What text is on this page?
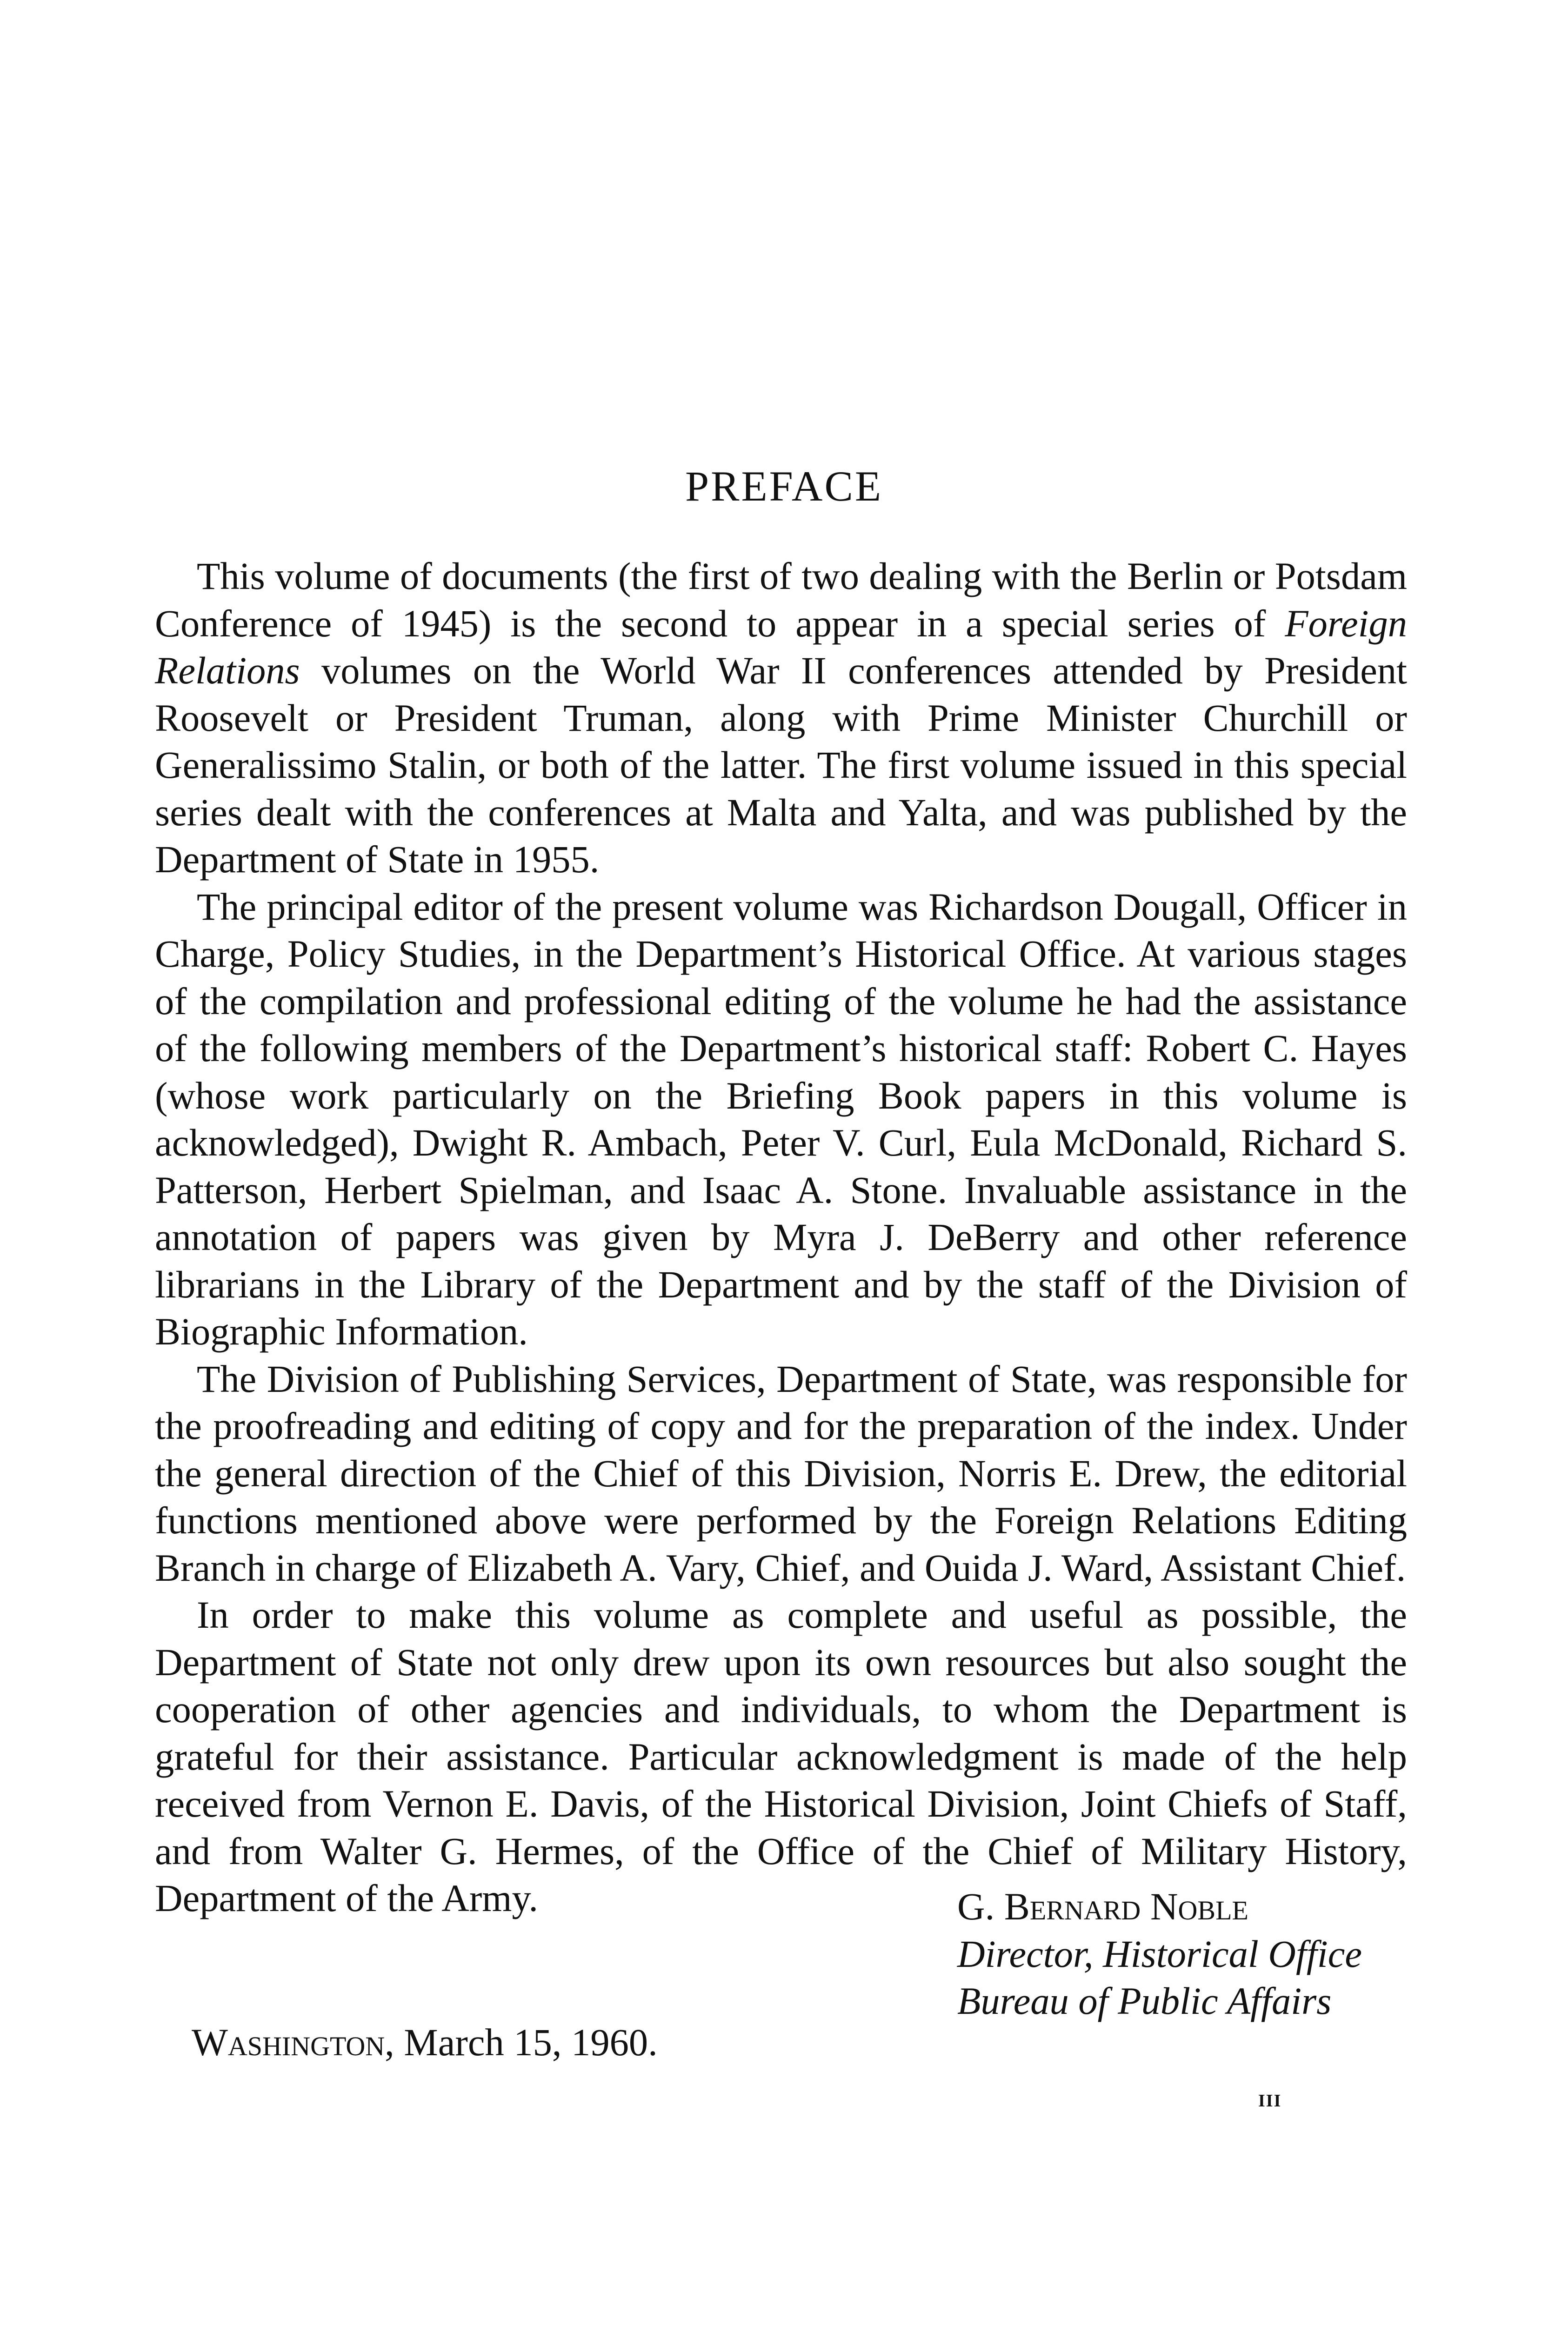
PREFACE

This volume of documents (the first of two dealing with the Berlin or Potsdam Conference of 1945) is the second to appear in a special series of Foreign Relations volumes on the World War II conferences attended by President Roosevelt or President Truman, along with Prime Minister Churchill or Generalissimo Stalin, or both of the latter. The first volume issued in this special series dealt with the conferences at Malta and Yalta, and was published by the Department of State in 1955.

The principal editor of the present volume was Richardson Dougall, Officer in Charge, Policy Studies, in the Department’s Historical Office. At various stages of the compilation and professional editing of the volume he had the assistance of the following members of the Department’s historical staff: Robert C. Hayes (whose work particularly on the Briefing Book papers in this volume is acknowledged), Dwight R. Ambach, Peter V. Curl, Eula McDonald, Richard S. Patterson, Herbert Spielman, and Isaac A. Stone. Invaluable assistance in the annotation of papers was given by Myra J. DeBerry and other reference librarians in the Library of the Department and by the staff of the Division of Biographic Information.

The Division of Publishing Services, Department of State, was responsible for the proofreading and editing of copy and for the preparation of the index. Under the general direction of the Chief of this Division, Norris E. Drew, the editorial functions mentioned above were performed by the Foreign Relations Editing Branch in charge of Elizabeth A. Vary, Chief, and Ouida J. Ward, Assistant Chief.

In order to make this volume as complete and useful as possible, the Department of State not only drew upon its own resources but also sought the cooperation of other agencies and individuals, to whom the Department is grateful for their assistance. Particular acknowledgment is made of the help received from Vernon E. Davis, of the Historical Division, Joint Chiefs of Staff, and from Walter G. Hermes, of the Office of the Chief of Military History, Department of the Army.	G. Bernard Noble
Director, Historical Office
Bureau of Public Affairs

Washington, March 15, 1960.

iii
